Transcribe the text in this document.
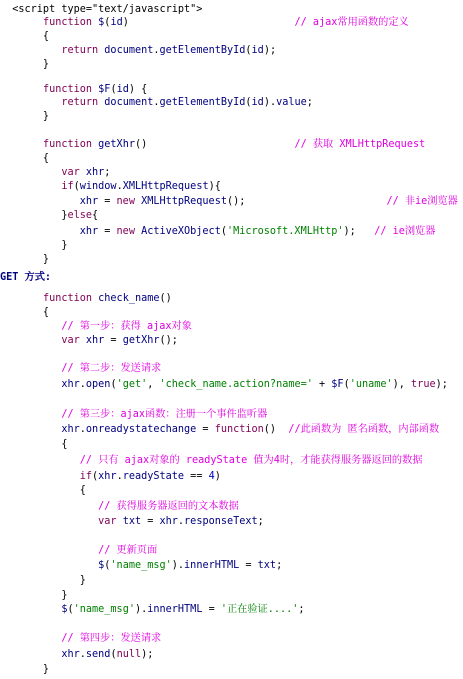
<script type="text/javascript">
function $(id)                           // ajax常用函数的定义
{
return document.getElementById(id);
}
function $F(id) {
return document.getElementById(id).value;
}
function getXhr()                        // 获取 XMLHttpRequest
{
var xhr;
if(window.XMLHttpRequest){
xhr = new XMLHttpRequest();                       // 非ie浏览器
}else{
xhr = new ActiveXObject('Microsoft.XMLHttp');   // ie浏览器
}
}
GET 方式:
function check_name()
{
// 第一步：获得 ajax对象
var xhr = getXhr();
// 第二步：发送请求
xhr.open('get', 'check_name.action?name=' + $F('uname'), true);
// 第三步：ajax函数：注册一个事件监听器
xhr.onreadystatechange = function()  //此函数为 匿名函数，内部函数
{
// 只有 ajax对象的 readyState 值为4时，才能获得服务器返回的数据
if(xhr.readyState == 4)
{
// 获得服务器返回的文本数据
var txt = xhr.responseText;
// 更新页面
$('name_msg').innerHTML = txt;
}
}
$('name_msg').innerHTML = '正在验证....';
// 第四步：发送请求
xhr.send(null);
}
